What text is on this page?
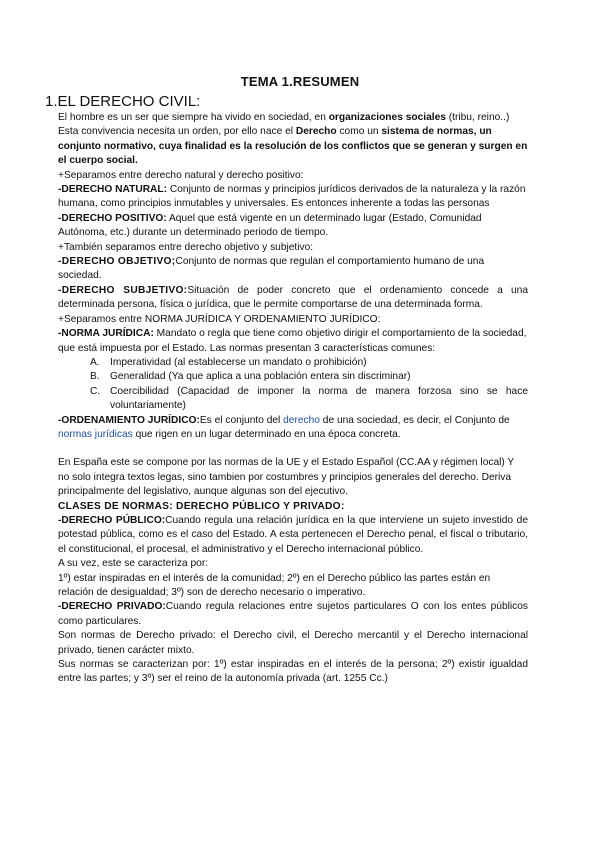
TEMA 1.RESUMEN
1.EL DERECHO CIVIL:

El hombre es un ser que siempre ha vivido en sociedad, en organizaciones sociales (tribu, reino..) Esta convivencia necesita un orden, por ello nace el Derecho como un sistema de normas, un conjunto normativo, cuya finalidad es la resolución de los conflictos que se generan y surgen en el cuerpo social.

+Separamos entre derecho natural y derecho positivo:

-DERECHO NATURAL: Conjunto de normas y principios jurídicos derivados de la naturaleza y la razón humana, como principios inmutables y universales. Es entonces inherente a todas las personas

-DERECHO POSITIVO: Aquel que está vigente en un determinado lugar (Estado, Comunidad Autónoma, etc.) durante un determinado periodo de tiempo.

+También separamos entre derecho objetivo y subjetivo:

-DERECHO OBJETIVO;Conjunto de normas que regulan el comportamiento humano de una sociedad.

-DERECHO SUBJETIVO:Situación de poder concreto que el ordenamiento concede a una determinada persona, física o jurídica, que le permite comportarse de una determinada forma.

+Separamos entre NORMA JURÍDICA Y ORDENAMIENTO JURÍDICO:

-NORMA JURÍDICA: Mandato o regla que tiene como objetivo dirigir el comportamiento de la sociedad, que está impuesta por el Estado. Las normas presentan 3 características comunes:

A. Imperatividad (al establecerse un mandato o prohibición)
B. Generalidad (Ya que aplica a una población entera sin discriminar)
C. Coercibilidad (Capacidad de imponer la norma de manera forzosa sino se hace voluntariamente)

-ORDENAMIENTO JURÍDICO:Es el conjunto del derecho de una sociedad, es decir, el Conjunto de normas jurídicas que rigen en un lugar determinado en una época concreta.

En España este se compone por las normas de la UE y el Estado Español (CC.AA y régimen local) Y no solo integra textos legas, sino tambien por costumbres y principios generales del derecho. Deriva principalmente del legislativo, aunque algunas son del ejecutivo.

CLASES DE NORMAS: DERECHO PÚBLICO Y PRIVADO:

-DERECHO PÚBLICO:Cuando regula una relación jurídica en la que interviene un sujeto investido de potestad pública, como es el caso del Estado. A esta pertenecen el Derecho penal, el fiscal o tributario, el constitucional, el procesal, el administrativo y el Derecho internacional público.

A su vez, este se caracteriza por:

1º) estar inspiradas en el interés de la comunidad; 2º) en el Derecho público las partes están en relación de desigualdad; 3º) son de derecho necesario o imperativo.

-DERECHO PRIVADO:Cuando regula relaciones entre sujetos particulares O con los entes públicos como particulares.

Son normas de Derecho privado: el Derecho civil, el Derecho mercantil y el Derecho internacional privado, tienen carácter mixto.

Sus normas se caracterizan por: 1º) estar inspiradas en el interés de la persona; 2º) existir igualdad entre las partes; y 3º) ser el reino de la autonomía privada (art. 1255 Cc.)
